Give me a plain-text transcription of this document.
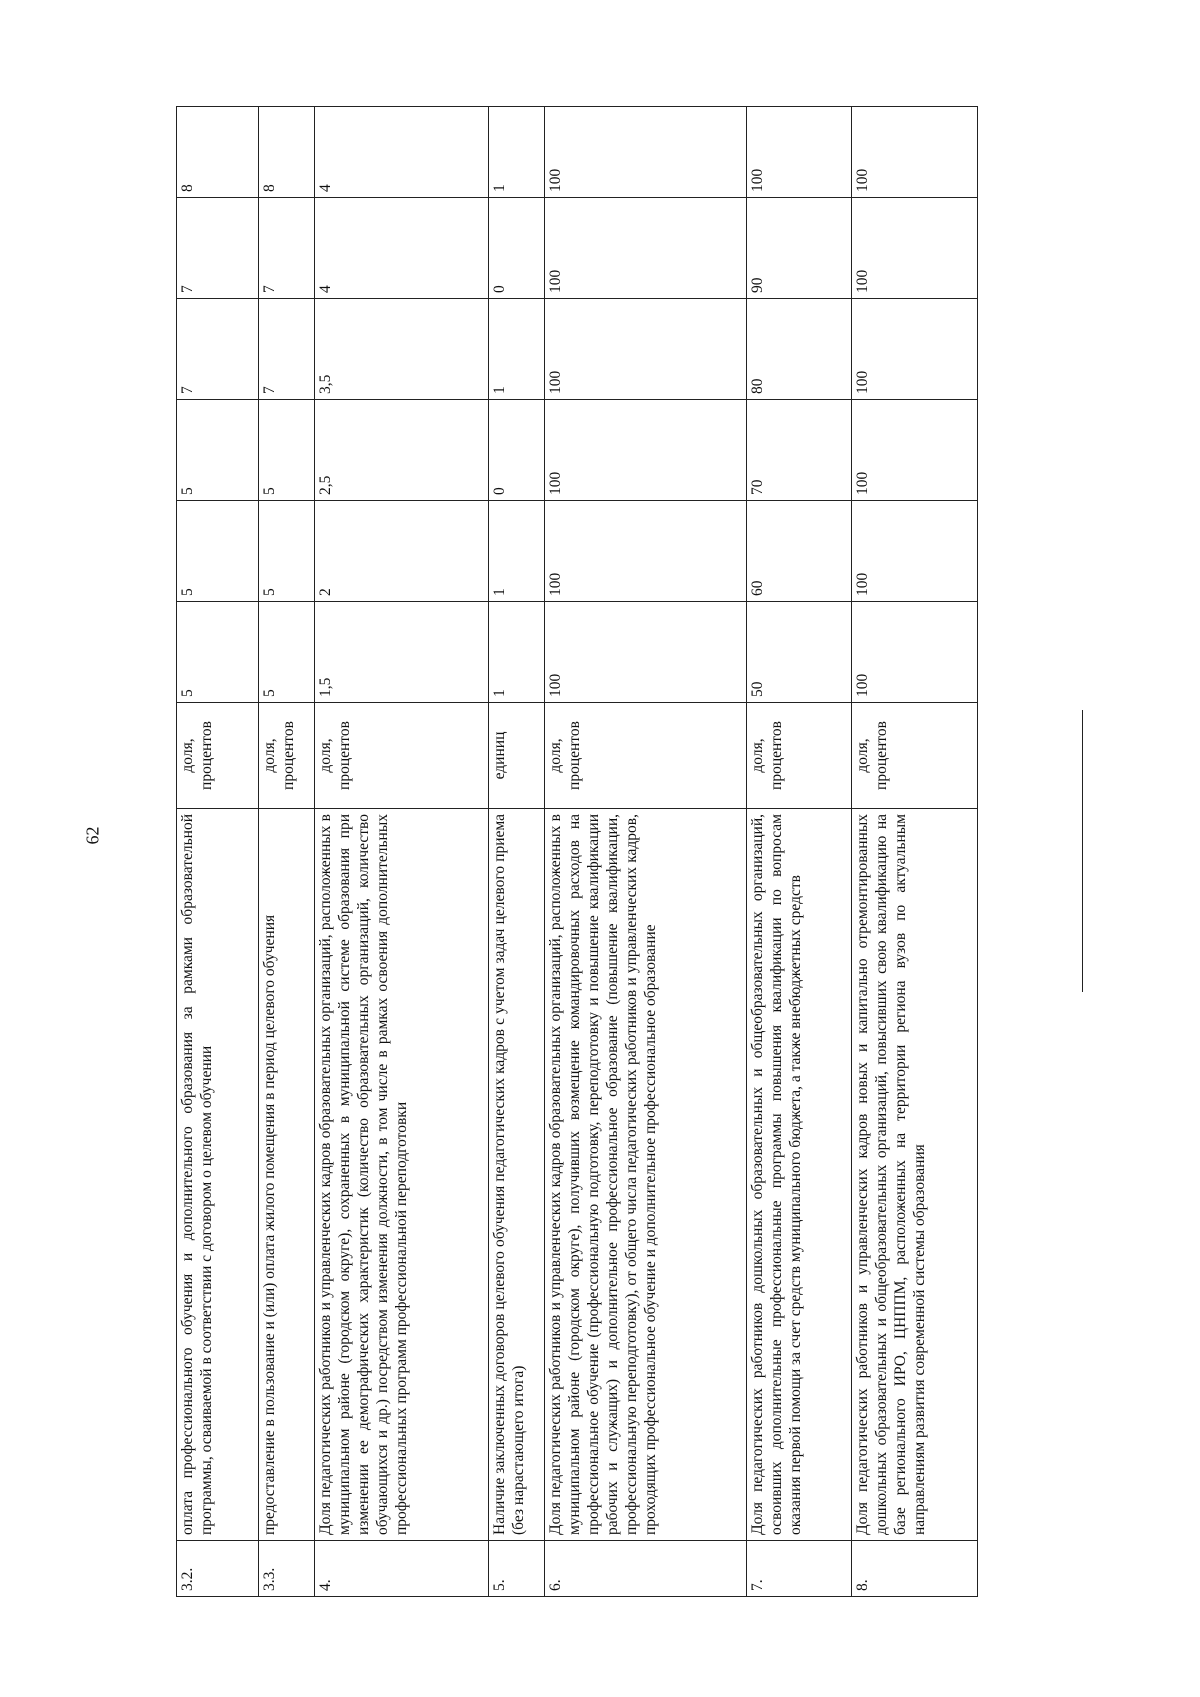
62
3.2.	оплата профессионального обучения и дополнительного образования за рамками образовательной программы, осваиваемой в соответствии с договором о целевом обучении	доля, процентов	5	5	5	7	7	8
3.3.	предоставление в пользование и (или) оплата жилого помещения в период целевого обучения	доля, процентов	5	5	5	7	7	8
4.	Доля педагогических работников и управленческих кадров образовательных организаций, расположенных в муниципальном районе (городском округе), сохраненных в муниципальной системе образования при изменении ее демографических характеристик (количество образовательных организаций, количество обучающихся и др.) посредством изменения должности, в том числе в рамках освоения дополнительных профессиональных программ профессиональной переподготовки	доля, процентов	1,5	2	2,5	3,5	4	4
5.	Наличие заключенных договоров целевого обучения педагогических кадров с учетом задач целевого приема (без нарастающего итога)	единиц	1	1	0	1	0	1
6.	Доля педагогических работников и управленческих кадров образовательных организаций, расположенных в муниципальном районе (городском округе), получивших возмещение командировочных расходов на профессиональное обучение (профессиональную подготовку, переподготовку и повышение квалификации рабочих и служащих) и дополнительное профессиональное образование (повышение квалификации, профессиональную переподготовку), от общего числа педагогических работников и управленческих кадров, проходящих профессиональное обучение и дополнительное профессиональное образование	доля, процентов	100	100	100	100	100	100
7.	Доля педагогических работников дошкольных образовательных и общеобразовательных организаций, освоивших дополнительные профессиональные программы повышения квалификации по вопросам оказания первой помощи за счет средств муниципального бюджета, а также внебюджетных средств	доля, процентов	50	60	70	80	90	100
8.	Доля педагогических работников и управленческих кадров новых и капитально отремонтированных дошкольных образовательных и общеобразовательных организаций, повысивших свою квалификацию на базе регионального ИРО, ЦНППМ, расположенных на территории региона вузов по актуальным направлениям развития современной системы образования	доля, процентов	100	100	100	100	100	100
